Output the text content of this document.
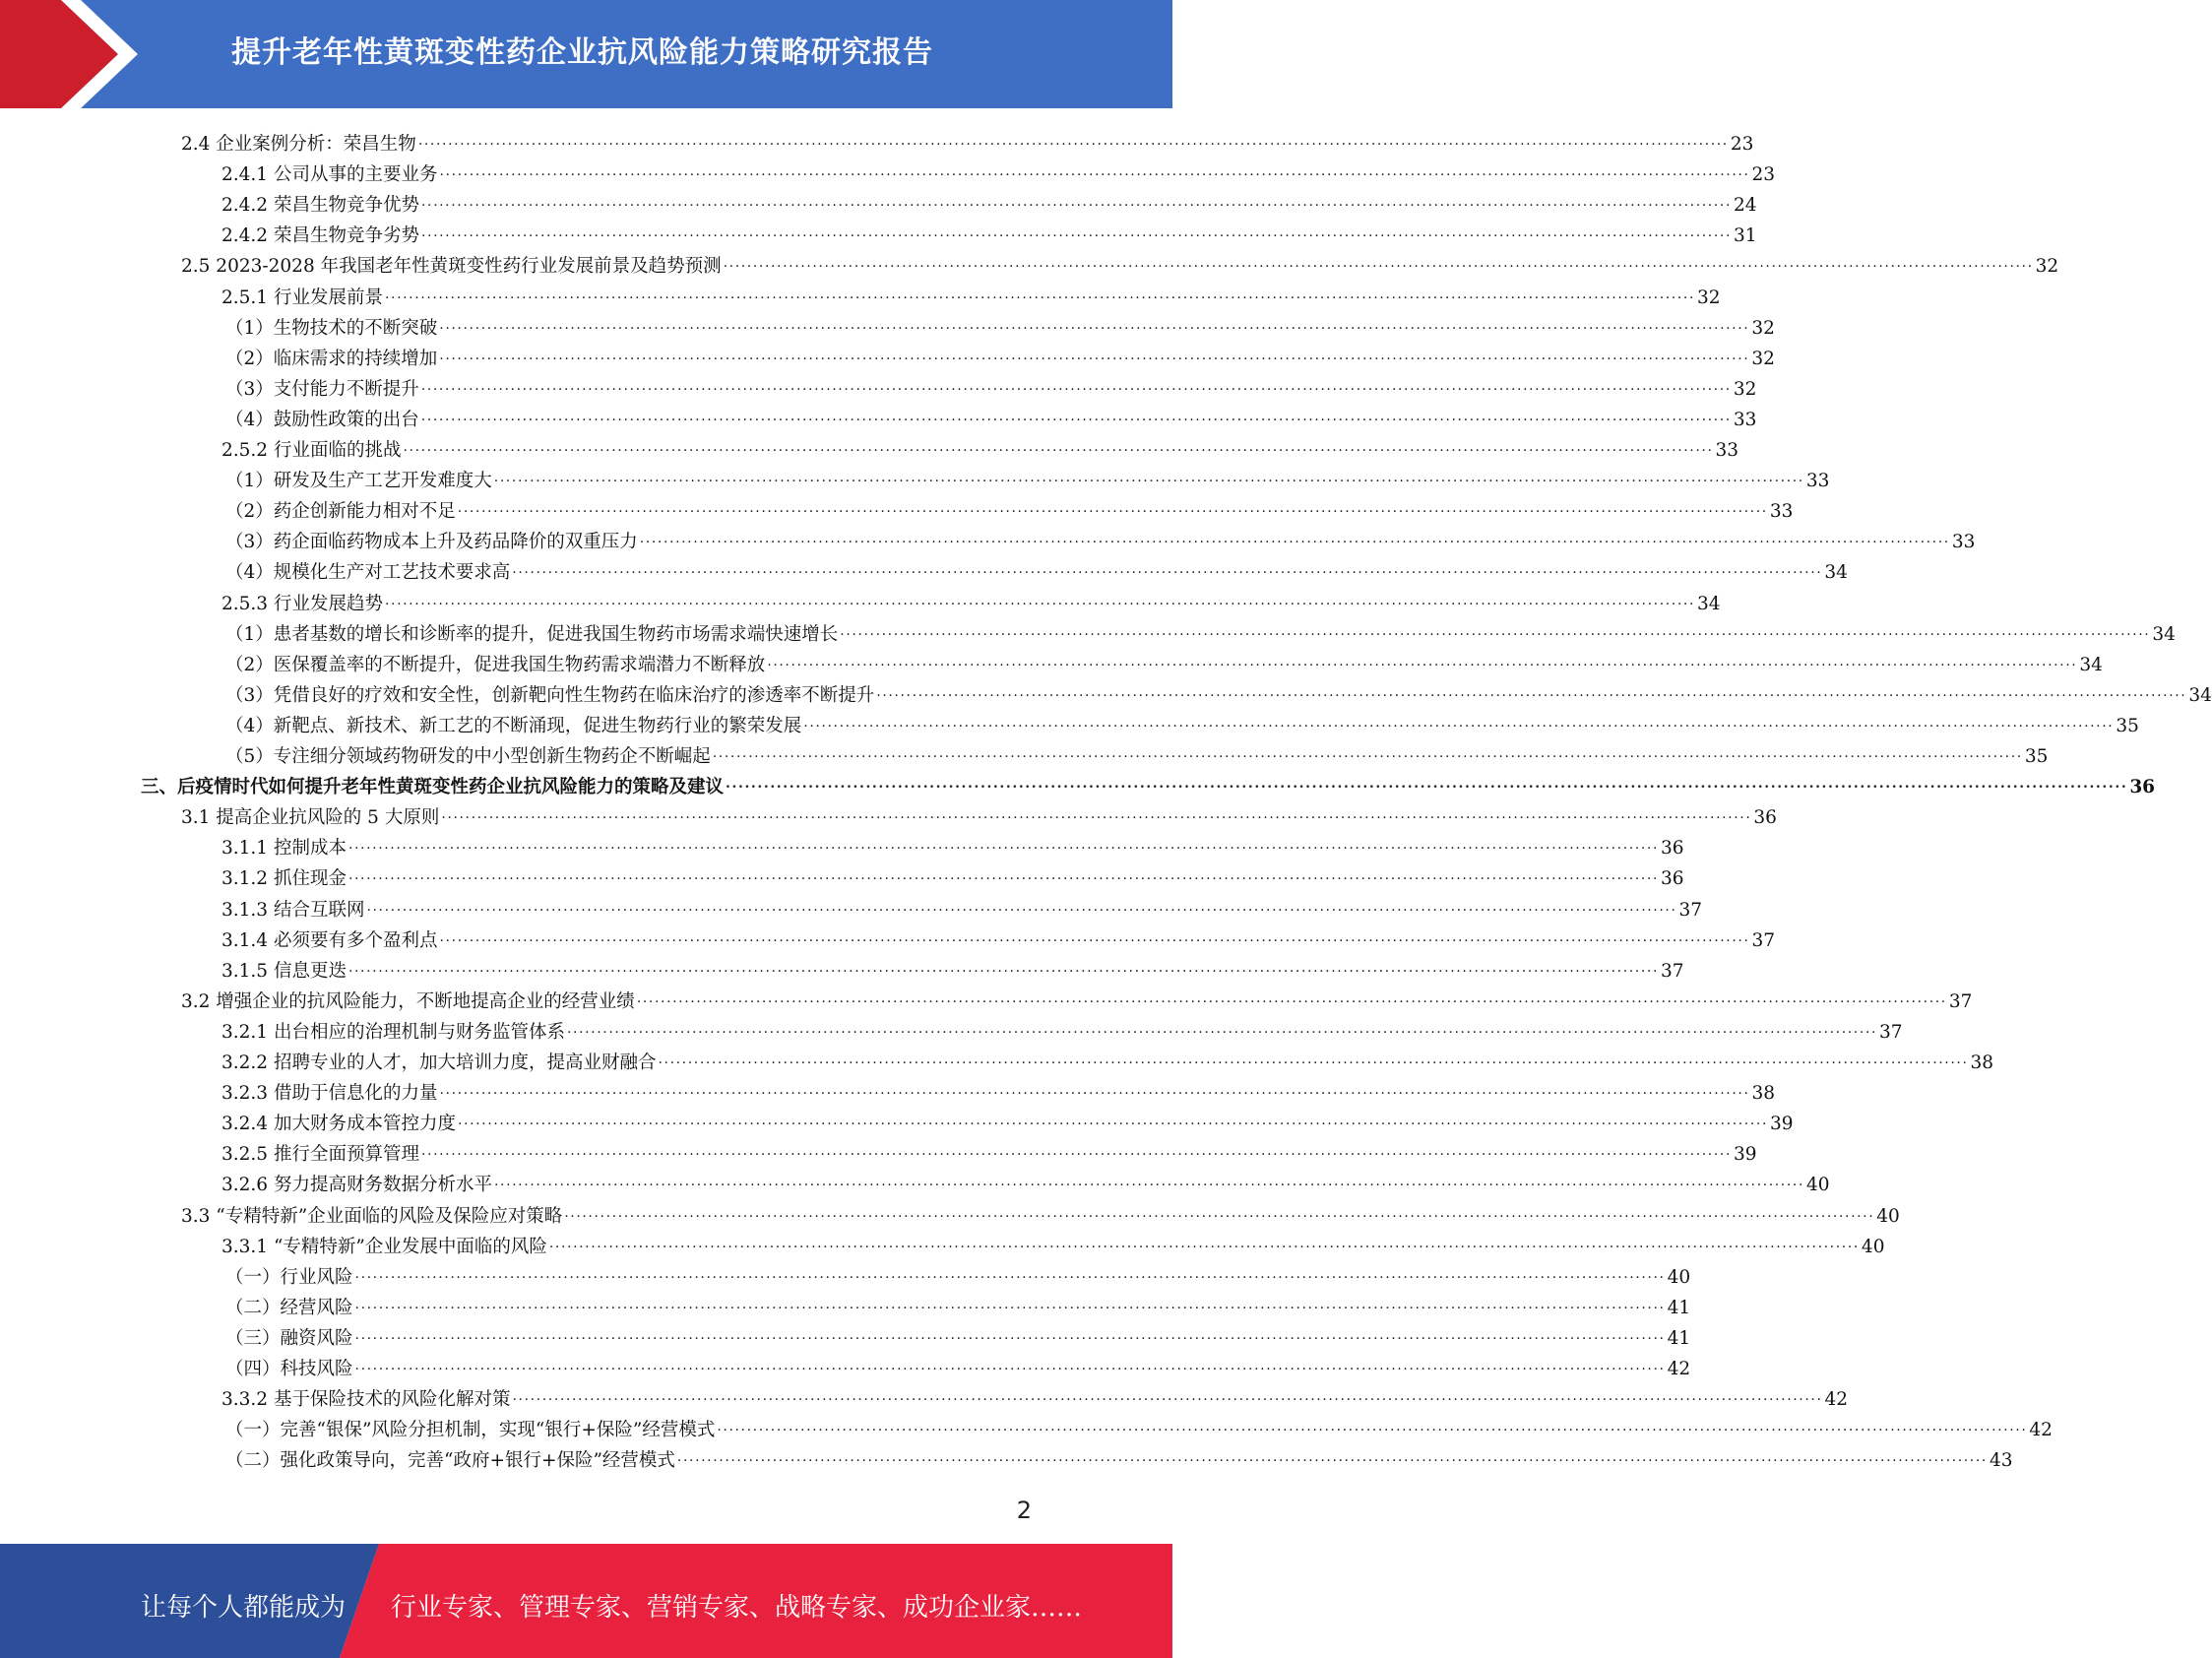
提升老年性黄斑变性药企业抗风险能力策略研究报告
2.4 企业案例分析：荣昌生物 ............................................................................................................................................................................................................................ 23
2.4.1 公司从事的主要业务 ............................................................................................................................................................................................................................ 23
2.4.2 荣昌生物竞争优势 ............................................................................................................................................................................................................................ 24
2.4.2 荣昌生物竞争劣势 ............................................................................................................................................................................................................................ 31
2.5 2023-2028 年我国老年性黄斑变性药行业发展前景及趋势预测 ............................................................................................................................................................................................................................ 32
2.5.1 行业发展前景 ............................................................................................................................................................................................................................ 32
（1）生物技术的不断突破 ............................................................................................................................................................................................................................ 32
（2）临床需求的持续增加 ............................................................................................................................................................................................................................ 32
（3）支付能力不断提升 ............................................................................................................................................................................................................................ 32
（4）鼓励性政策的出台 ............................................................................................................................................................................................................................ 33
2.5.2 行业面临的挑战 ............................................................................................................................................................................................................................ 33
（1）研发及生产工艺开发难度大 ............................................................................................................................................................................................................................ 33
（2）药企创新能力相对不足 ............................................................................................................................................................................................................................ 33
（3）药企面临药物成本上升及药品降价的双重压力 ............................................................................................................................................................................................................................ 33
（4）规模化生产对工艺技术要求高 ............................................................................................................................................................................................................................ 34
2.5.3 行业发展趋势 ............................................................................................................................................................................................................................ 34
（1）患者基数的增长和诊断率的提升，促进我国生物药市场需求端快速增长 ............................................................................................................................................................................................................................ 34
（2）医保覆盖率的不断提升，促进我国生物药需求端潜力不断释放 ............................................................................................................................................................................................................................ 34
（3）凭借良好的疗效和安全性，创新靶向性生物药在临床治疗的渗透率不断提升 ............................................................................................................................................................................................................................ 34
（4）新靶点、新技术、新工艺的不断涌现，促进生物药行业的繁荣发展 ............................................................................................................................................................................................................................ 35
（5）专注细分领域药物研发的中小型创新生物药企不断崛起 ............................................................................................................................................................................................................................ 35
三、后疫情时代如何提升老年性黄斑变性药企业抗风险能力的策略及建议 ............................................................................................................................................................................................................................ 36
3.1 提高企业抗风险的 5 大原则 ............................................................................................................................................................................................................................ 36
3.1.1 控制成本 ............................................................................................................................................................................................................................ 36
3.1.2 抓住现金 ............................................................................................................................................................................................................................ 36
3.1.3 结合互联网 ............................................................................................................................................................................................................................ 37
3.1.4 必须要有多个盈利点 ............................................................................................................................................................................................................................ 37
3.1.5 信息更迭 ............................................................................................................................................................................................................................ 37
3.2 增强企业的抗风险能力，不断地提高企业的经营业绩 ............................................................................................................................................................................................................................ 37
3.2.1 出台相应的治理机制与财务监管体系 ............................................................................................................................................................................................................................ 37
3.2.2 招聘专业的人才，加大培训力度，提高业财融合 ............................................................................................................................................................................................................................ 38
3.2.3 借助于信息化的力量 ............................................................................................................................................................................................................................ 38
3.2.4 加大财务成本管控力度 ............................................................................................................................................................................................................................ 39
3.2.5 推行全面预算管理 ............................................................................................................................................................................................................................ 39
3.2.6 努力提高财务数据分析水平 ............................................................................................................................................................................................................................ 40
3.3 “专精特新”企业面临的风险及保险应对策略 ............................................................................................................................................................................................................................ 40
3.3.1 “专精特新”企业发展中面临的风险 ............................................................................................................................................................................................................................ 40
（一）行业风险 ............................................................................................................................................................................................................................ 40
（二）经营风险 ............................................................................................................................................................................................................................ 41
（三）融资风险 ............................................................................................................................................................................................................................ 41
（四）科技风险 ............................................................................................................................................................................................................................ 42
3.3.2 基于保险技术的风险化解对策 ............................................................................................................................................................................................................................ 42
（一）完善“银保”风险分担机制，实现“银行+保险”经营模式 ............................................................................................................................................................................................................................ 42
（二）强化政策导向，完善“政府+银行+保险”经营模式 ............................................................................................................................................................................................................................ 43
2
让每个人都能成为 行业专家、管理专家、营销专家、战略专家、成功企业家……
